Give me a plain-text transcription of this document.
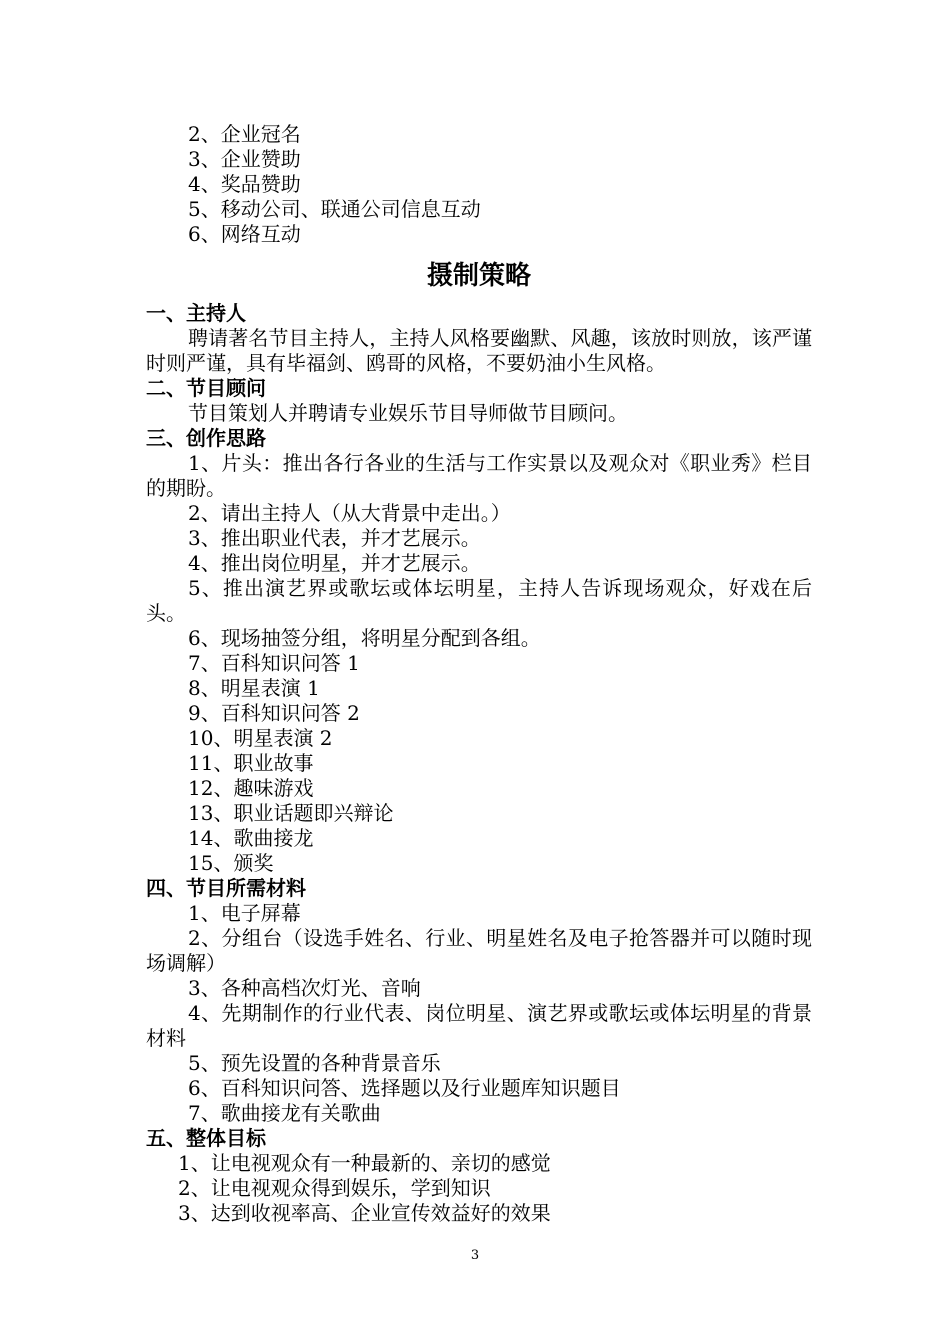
2、企业冠名

3、企业赞助

4、奖品赞助

5、移动公司、联通公司信息互动

6、网络互动

摄制策略

一、主持人

聘请著名节目主持人，主持人风格要幽默、风趣，该放时则放，该严谨时则严谨，具有毕福剑、鸥哥的风格，不要奶油小生风格。

二、节目顾问

节目策划人并聘请专业娱乐节目导师做节目顾问。

三、创作思路

1、片头：推出各行各业的生活与工作实景以及观众对《职业秀》栏目的期盼。

2、请出主持人（从大背景中走出。）

3、推出职业代表，并才艺展示。

4、推出岗位明星，并才艺展示。

5、推出演艺界或歌坛或体坛明星，主持人告诉现场观众，好戏在后头。

6、现场抽签分组，将明星分配到各组。

7、百科知识问答 1

8、明星表演 1

9、百科知识问答 2

10、明星表演 2

11、职业故事

12、趣味游戏

13、职业话题即兴辩论

14、歌曲接龙

15、颁奖

四、节目所需材料

1、电子屏幕

2、分组台（设选手姓名、行业、明星姓名及电子抢答器并可以随时现场调解）

3、各种高档次灯光、音响

4、先期制作的行业代表、岗位明星、演艺界或歌坛或体坛明星的背景材料

5、预先设置的各种背景音乐

6、百科知识问答、选择题以及行业题库知识题目

7、歌曲接龙有关歌曲

五、整体目标

1、让电视观众有一种最新的、亲切的感觉

2、让电视观众得到娱乐，学到知识

3、达到收视率高、企业宣传效益好的效果

3
